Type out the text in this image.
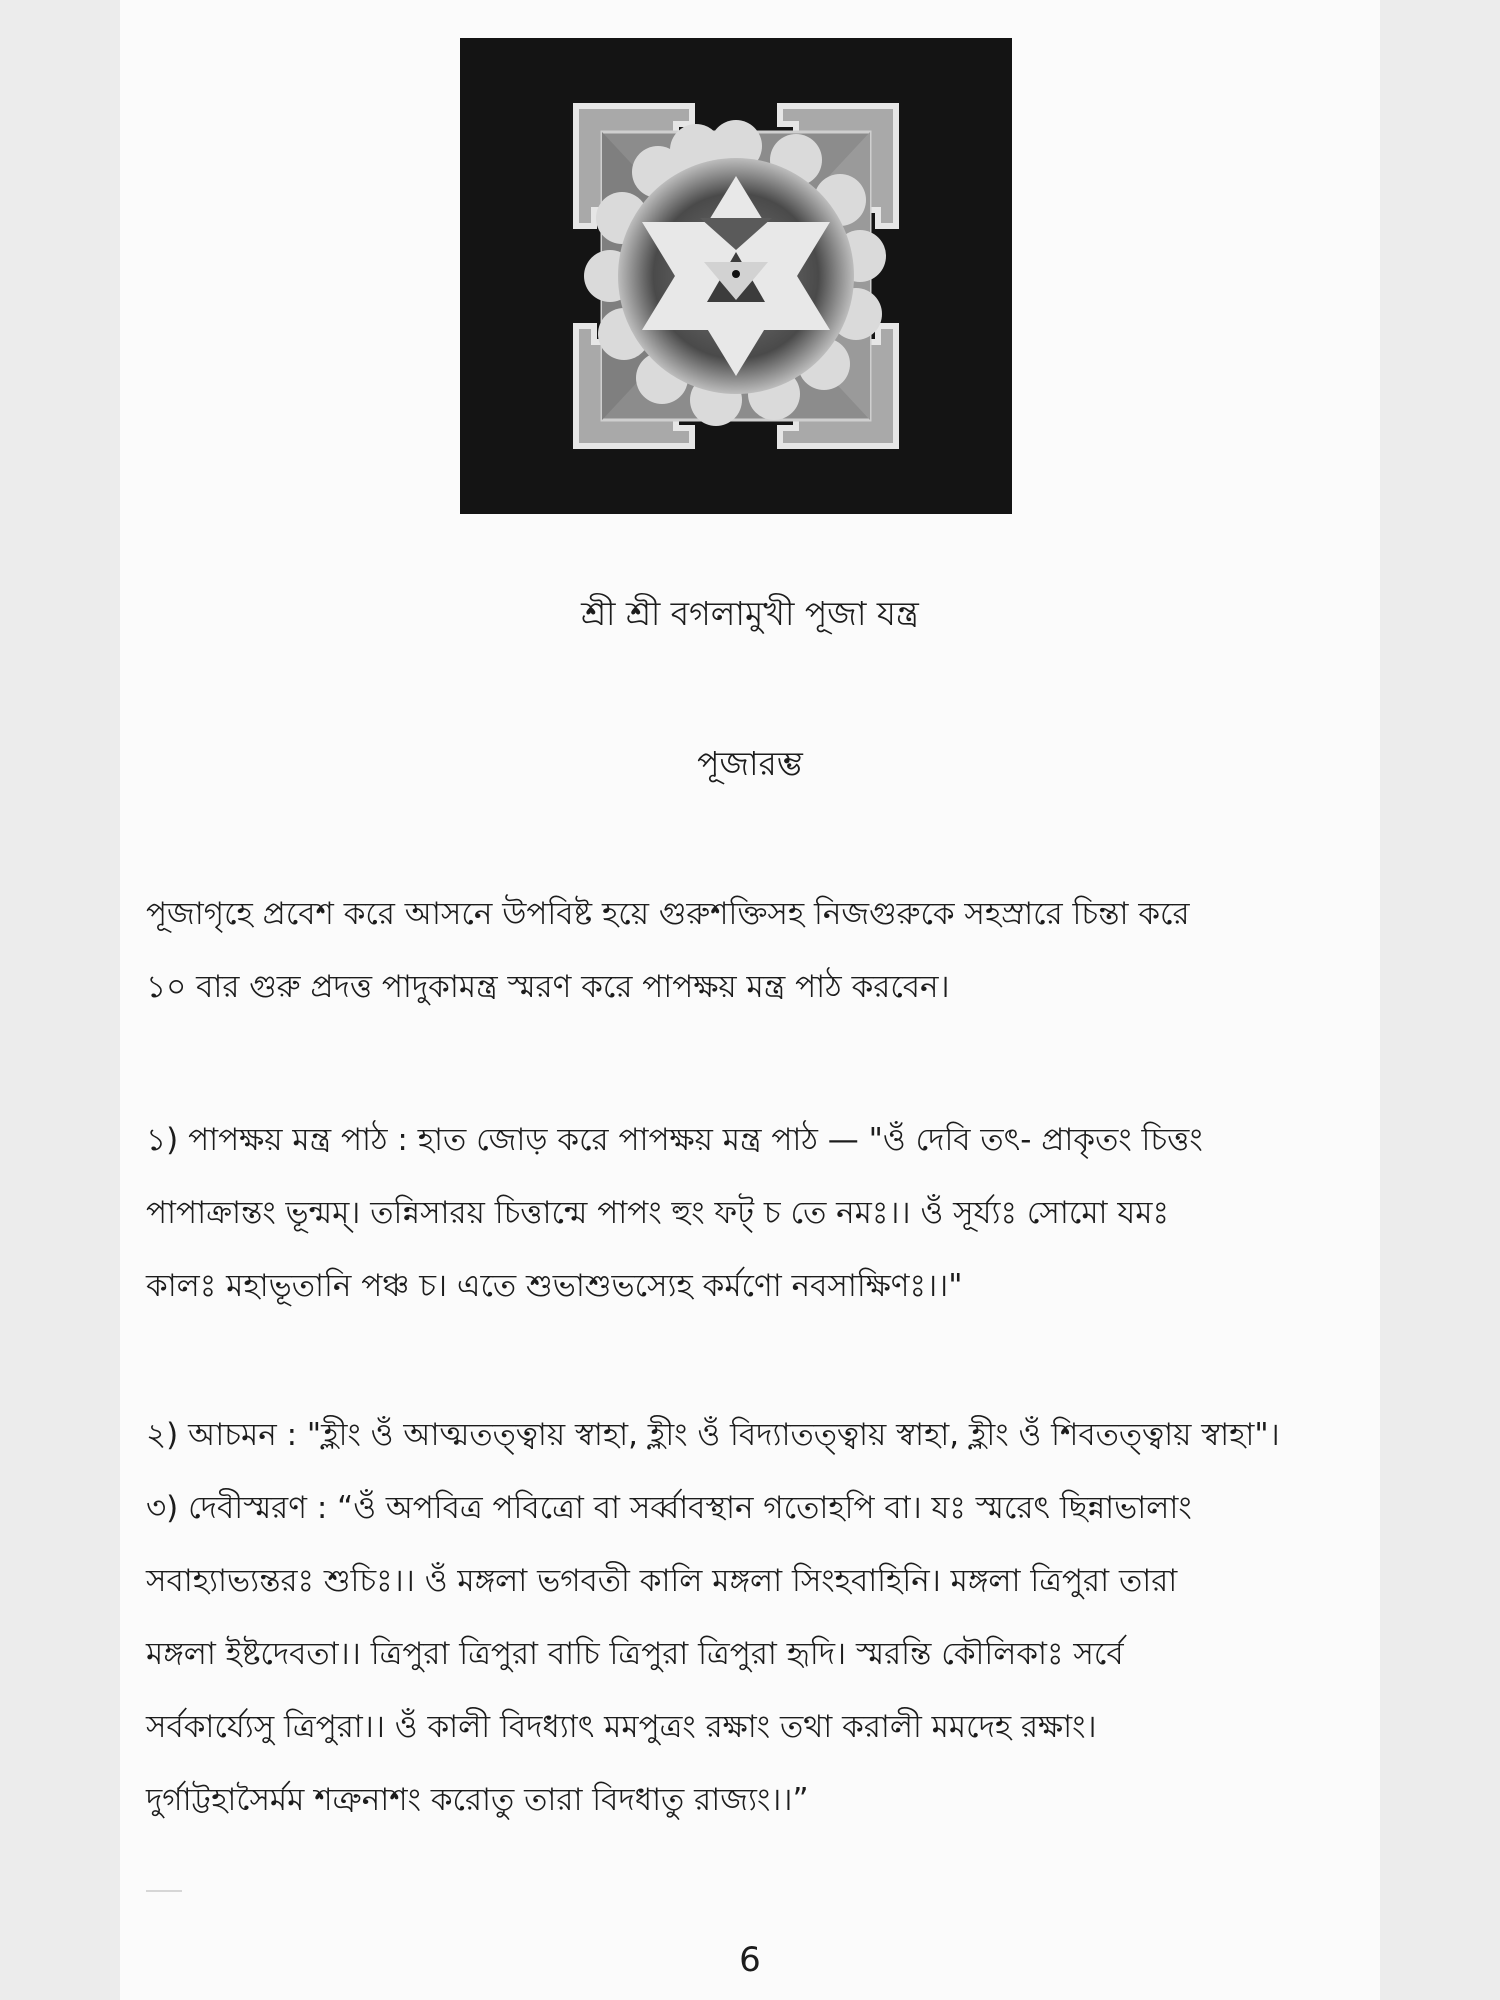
শ্রী শ্রী বগলামুখী পূজা যন্ত্র
পূজারম্ভ
পূজাগৃহে প্রবেশ করে আসনে উপবিষ্ট হয়ে গুরুশক্তিসহ নিজগুরুকে সহস্রারে চিন্তা করে
১০ বার গুরু প্রদত্ত পাদুকামন্ত্র স্মরণ করে পাপক্ষয় মন্ত্র পাঠ করবেন।
১) পাপক্ষয় মন্ত্র পাঠ : হাত জোড় করে পাপক্ষয় মন্ত্র পাঠ — "ওঁ দেবি তৎ- প্রাকৃতং চিত্তং
পাপাক্রান্তং ভূন্মম্। তন্নিসারয় চিত্তান্মে পাপং হুং ফট্ চ তে নমঃ।। ওঁ সূর্য্যঃ সোমো যমঃ
কালঃ মহাভূতানি পঞ্চ চ। এতে শুভাশুভস্যেহ কর্মণো নবসাক্ষিণঃ।।"
২) আচমন : "হ্লীং ওঁ আত্মতত্ত্বায় স্বাহা, হ্লীং ওঁ বিদ্যাতত্ত্বায় স্বাহা, হ্লীং ওঁ শিবতত্ত্বায় স্বাহা"।
৩) দেবীস্মরণ : “ওঁ অপবিত্র পবিত্রো বা সর্ব্বাবস্থান গতোহপি বা। যঃ স্মরেৎ ছিন্নাভালাং
সবাহ্যাভ্যন্তরঃ শুচিঃ।। ওঁ মঙ্গলা ভগবতী কালি মঙ্গলা সিংহবাহিনি। মঙ্গলা ত্রিপুরা তারা
মঙ্গলা ইষ্টদেবতা।। ত্রিপুরা ত্রিপুরা বাচি ত্রিপুরা ত্রিপুরা হৃদি। স্মরন্তি কৌলিকাঃ সর্বে
সর্বকার্য্যেসু ত্রিপুরা।। ওঁ কালী বিদধ্যাৎ মমপুত্রং রক্ষাং তথা করালী মমদেহ রক্ষাং।
দুর্গাট্টহাসৈর্মম শত্রুনাশং করোতু তারা বিদধাতু রাজ্যং।।”
6
